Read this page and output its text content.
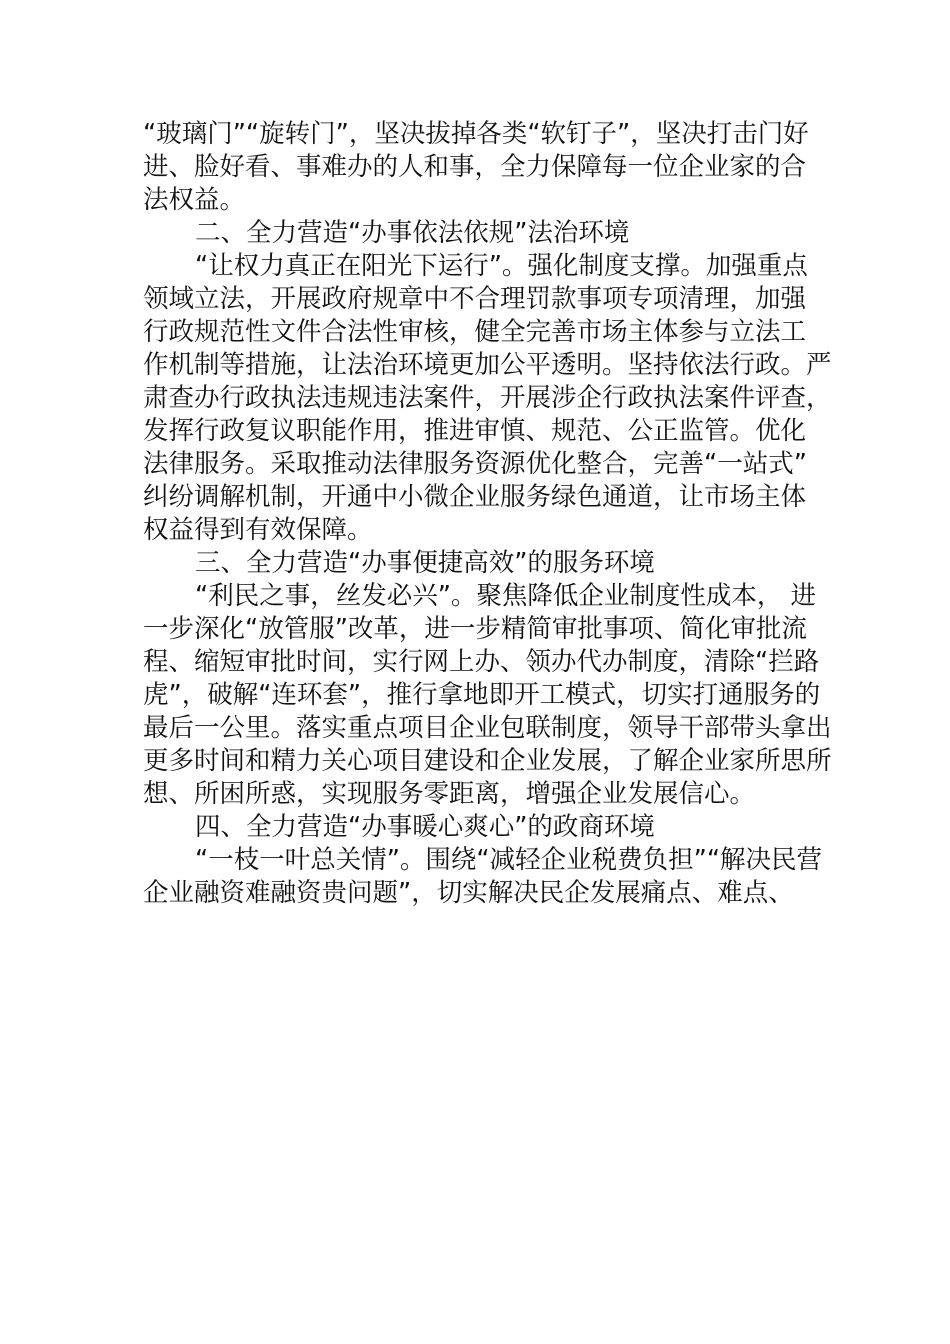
“玻璃门”“旋转门”，坚决拔掉各类“软钉子”，坚决打击门好
进、脸好看、事难办的人和事，全力保障每一位企业家的合
法权益。
二、全力营造“办事依法依规”法治环境
“让权力真正在阳光下运行”。强化制度支撑。加强重点
领域立法，开展政府规章中不合理罚款事项专项清理，加强
行政规范性文件合法性审核，健全完善市场主体参与立法工
作机制等措施，让法治环境更加公平透明。坚持依法行政。严
肃查办行政执法违规违法案件，开展涉企行政执法案件评查，
发挥行政复议职能作用，推进审慎、规范、公正监管。优化
法律服务。采取推动法律服务资源优化整合，完善“一站式”
纠纷调解机制，开通中小微企业服务绿色通道，让市场主体
权益得到有效保障。
三、全力营造“办事便捷高效”的服务环境
“利民之事，丝发必兴”。聚焦降低企业制度性成本， 进
一步深化“放管服”改革，进一步精简审批事项、简化审批流
程、缩短审批时间，实行网上办、领办代办制度，清除“拦路
虎”，破解“连环套”，推行拿地即开工模式，切实打通服务的
最后一公里。落实重点项目企业包联制度，领导干部带头拿出
更多时间和精力关心项目建设和企业发展，了解企业家所思所
想、所困所惑，实现服务零距离，增强企业发展信心。
四、全力营造“办事暖心爽心”的政商环境
“一枝一叶总关情”。围绕“减轻企业税费负担”“解决民营
企业融资难融资贵问题”，切实解决民企发展痛点、难点、
